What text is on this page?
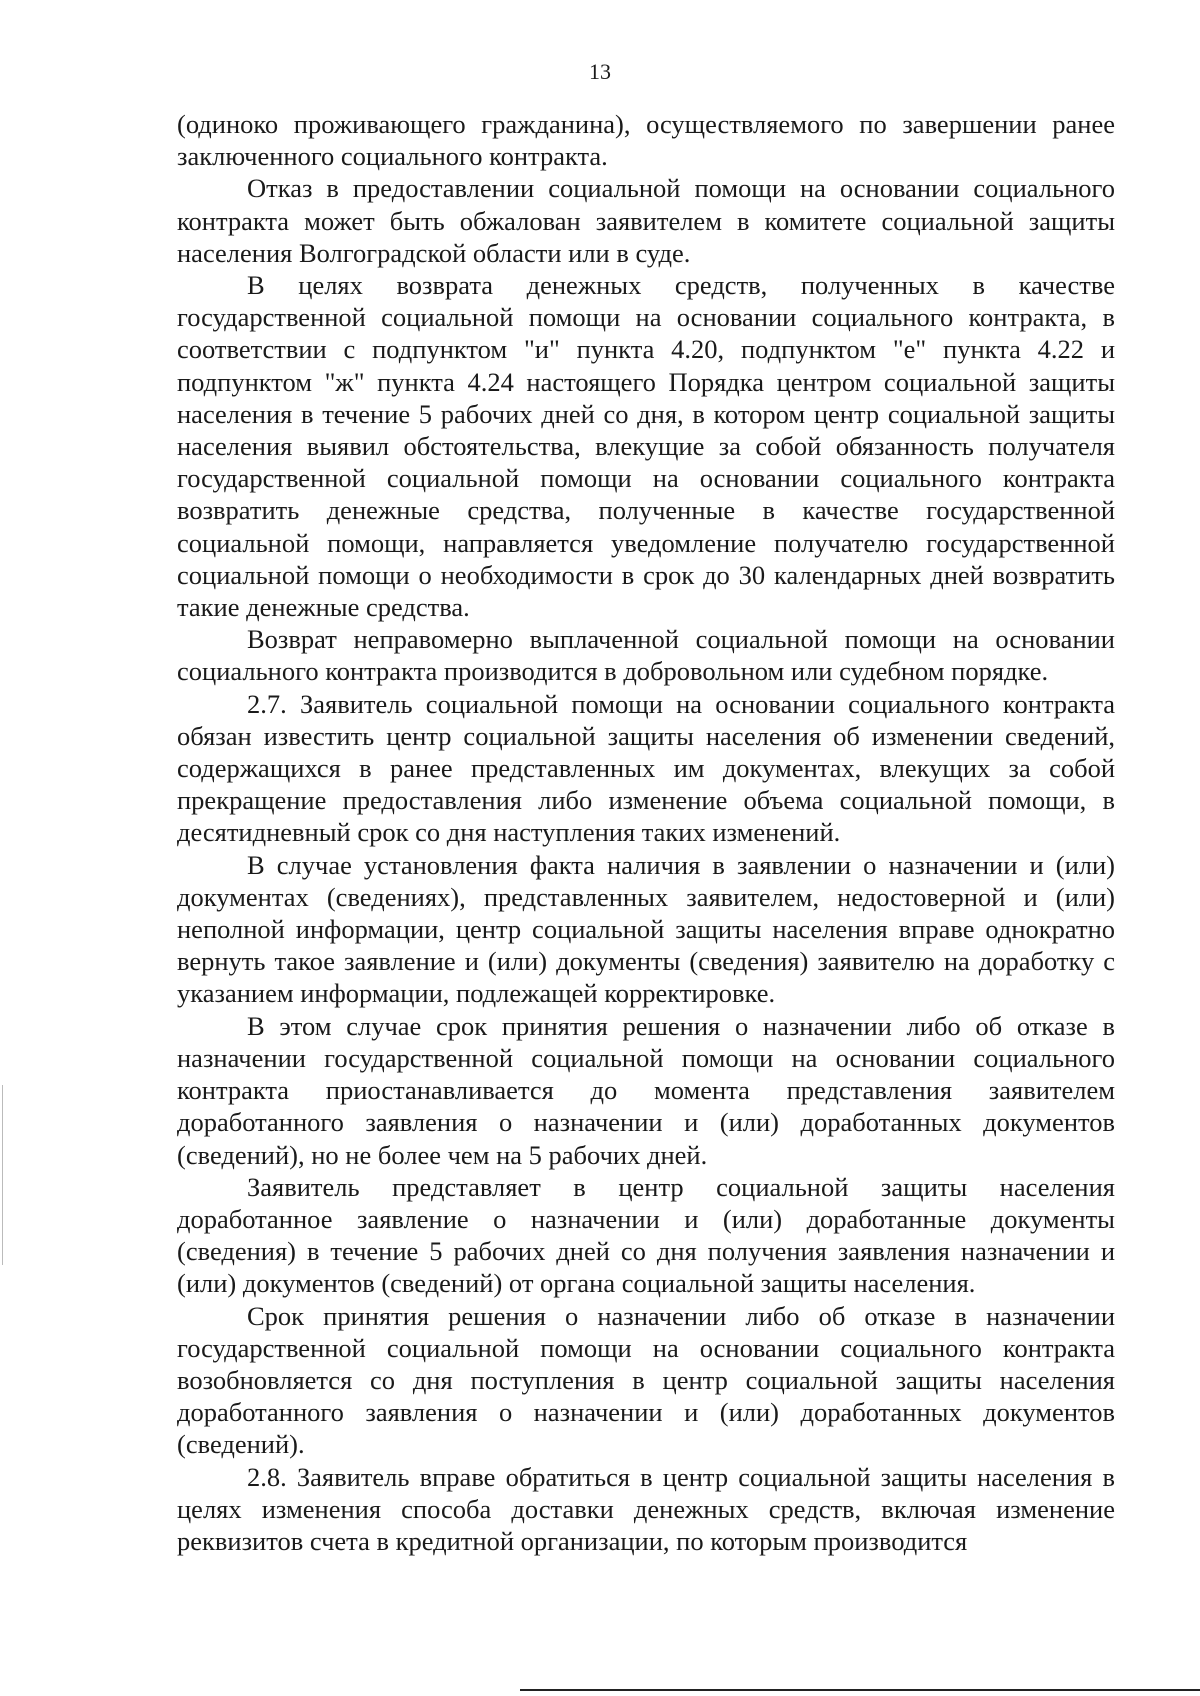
13

(одиноко проживающего гражданина), осуществляемого по завершении ранее заключенного социального контракта.

Отказ в предоставлении социальной помощи на основании социального контракта может быть обжалован заявителем в комитете социальной защиты населения Волгоградской области или в суде.

В целях возврата денежных средств, полученных в качестве государственной социальной помощи на основании социального контракта, в соответствии с подпунктом "и" пункта 4.20, подпунктом "е" пункта 4.22 и подпунктом "ж" пункта 4.24 настоящего Порядка центром социальной защиты населения в течение 5 рабочих дней со дня, в котором центр социальной защиты населения выявил обстоятельства, влекущие за собой обязанность получателя государственной социальной помощи на основании социального контракта возвратить денежные средства, полученные в качестве государственной социальной помощи, направляется уведомление получателю государственной социальной помощи о необходимости в срок до 30 календарных дней возвратить такие денежные средства.

Возврат неправомерно выплаченной социальной помощи на основании социального контракта производится в добровольном или судебном порядке.

2.7. Заявитель социальной помощи на основании социального контракта обязан известить центр социальной защиты населения об изменении сведений, содержащихся в ранее представленных им документах, влекущих за собой прекращение предоставления либо изменение объема социальной помощи, в десятидневный срок со дня наступления таких изменений.

В случае установления факта наличия в заявлении о назначении и (или) документах (сведениях), представленных заявителем, недостоверной и (или) неполной информации, центр социальной защиты населения вправе однократно вернуть такое заявление и (или) документы (сведения) заявителю на доработку с указанием информации, подлежащей корректировке.

В этом случае срок принятия решения о назначении либо об отказе в назначении государственной социальной помощи на основании социального контракта приостанавливается до момента представления заявителем доработанного заявления о назначении и (или) доработанных документов (сведений), но не более чем на 5 рабочих дней.

Заявитель представляет в центр социальной защиты населения доработанное заявление о назначении и (или) доработанные документы (сведения) в течение 5 рабочих дней со дня получения заявления назначении и (или) документов (сведений) от органа социальной защиты населения.

Срок принятия решения о назначении либо об отказе в назначении государственной социальной помощи на основании социального контракта возобновляется со дня поступления в центр социальной защиты населения доработанного заявления о назначении и (или) доработанных документов (сведений).

2.8. Заявитель вправе обратиться в центр социальной защиты населения в целях изменения способа доставки денежных средств, включая изменение реквизитов счета в кредитной организации, по которым производится
